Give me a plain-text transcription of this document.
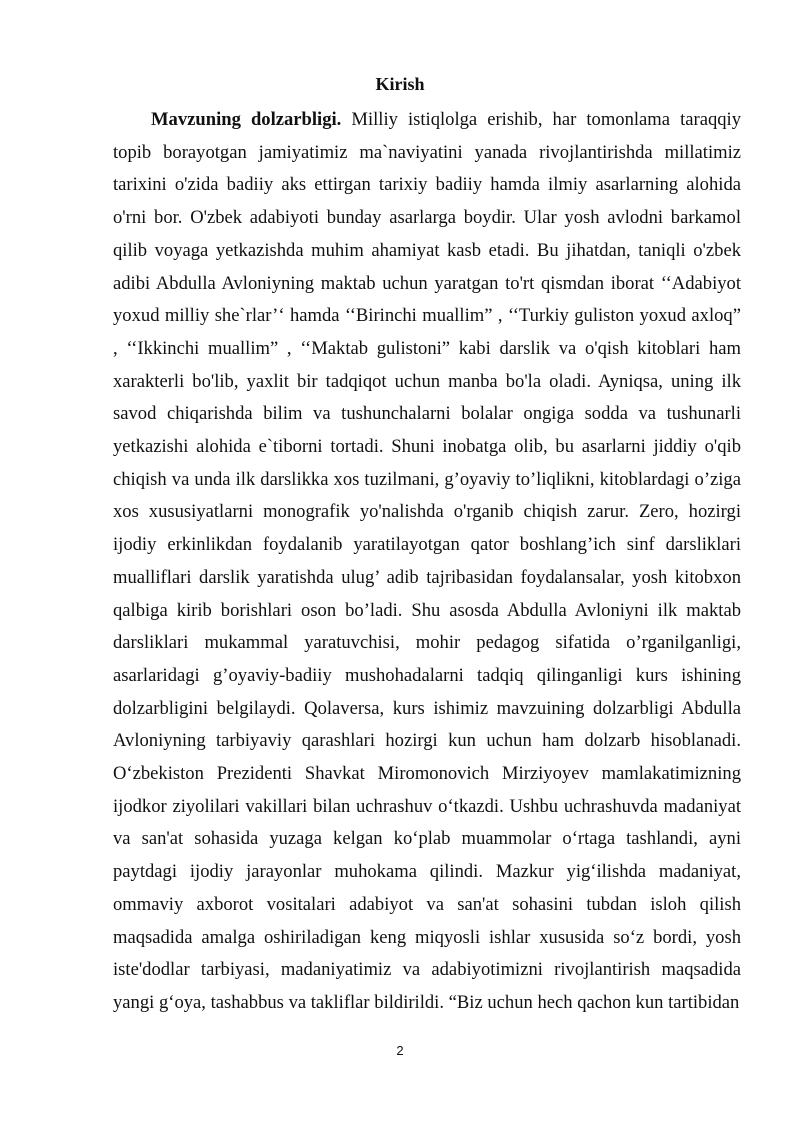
Kirish

Mavzuning dolzarbligi. Milliy istiqlolga erishib, har tomonlama taraqqiy topib borayotgan jamiyatimiz ma`naviyatini yanada rivojlantirishda millatimiz tarixini o'zida badiiy aks ettirgan tarixiy badiiy hamda ilmiy asarlarning alohida o'rni bor. O'zbek adabiyoti bunday asarlarga boydir. Ular yosh avlodni barkamol qilib voyaga yetkazishda muhim ahamiyat kasb etadi. Bu jihatdan, taniqli o'zbek adibi Abdulla Avloniyning maktab uchun yaratgan to'rt qismdan iborat ‘‘Adabiyot yoxud milliy she`rlar’‘ hamda ‘‘Birinchi muallim” , ‘‘Turkiy guliston yoxud axloq” , ‘‘Ikkinchi muallim” , ‘‘Maktab gulistoni” kabi darslik va o'qish kitoblari ham xarakterli bo'lib, yaxlit bir tadqiqot uchun manba bo'la oladi. Ayniqsa, uning ilk savod chiqarishda bilim va tushunchalarni bolalar ongiga sodda va tushunarli yetkazishi alohida e`tiborni tortadi. Shuni inobatga olib, bu asarlarni jiddiy o'qib chiqish va unda ilk darslikka xos tuzilmani, g’oyaviy to’liqlikni, kitoblardagi o’ziga xos xususiyatlarni monografik yo'nalishda o'rganib chiqish zarur. Zero, hozirgi ijodiy erkinlikdan foydalanib yaratilayotgan qator boshlang’ich sinf darsliklari mualliflari darslik yaratishda ulug’ adib tajribasidan foydalansalar, yosh kitobxon qalbiga kirib borishlari oson bo’ladi. Shu asosda Abdulla Avloniyni ilk maktab darsliklari mukammal yaratuvchisi, mohir pedagog sifatida o’rganilganligi, asarlaridagi g’oyaviy-badiiy mushohadalarni tadqiq qilinganligi kurs ishining dolzarbligini belgilaydi. Qolaversa, kurs ishimiz mavzuining dolzarbligi Abdulla Avloniyning tarbiyaviy qarashlari hozirgi kun uchun ham dolzarb hisoblanadi. O‘zbekiston Prezidenti Shavkat Miromonovich Mirziyoyev mamlakatimizning ijodkor ziyolilari vakillari bilan uchrashuv o‘tkazdi. Ushbu uchrashuvda madaniyat va san'at sohasida yuzaga kelgan ko‘plab muammolar o‘rtaga tashlandi, ayni paytdagi ijodiy jarayonlar muhokama qilindi. Mazkur yig‘ilishda madaniyat, ommaviy axborot vositalari adabiyot va san'at sohasini tubdan isloh qilish maqsadida amalga oshiriladigan keng miqyosli ishlar xususida so‘z bordi, yosh iste'dodlar tarbiyasi, madaniyatimiz va adabiyotimizni rivojlantirish maqsadida yangi g‘oya, tashabbus va takliflar bildirildi. “Biz uchun hech qachon kun tartibidan

2
